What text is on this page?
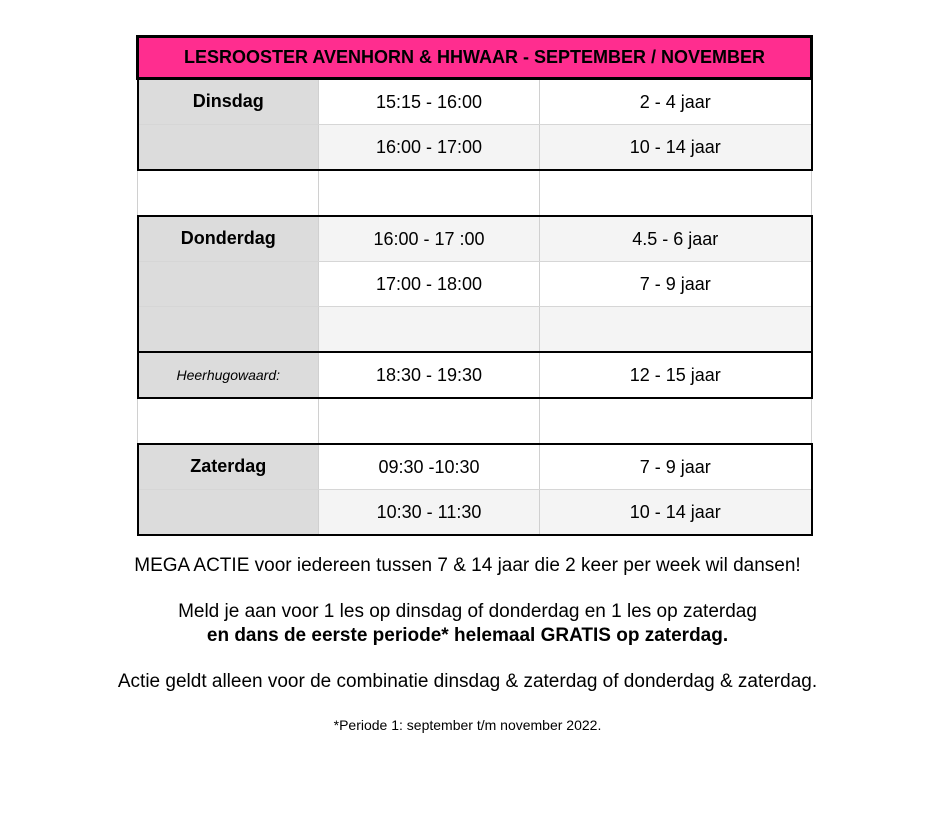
LESROOSTER AVENHORN & HHWAAR - SEPTEMBER / NOVEMBER		
Dinsdag	15:15 - 16:00	2 - 4 jaar
	16:00 - 17:00	10 - 14 jaar

Donderdag	16:00 - 17 :00	4.5 - 6 jaar
	17:00 - 18:00	7 - 9 jaar

Heerhugowaard:	18:30 - 19:30	12 - 15 jaar

Zaterdag	09:30 -10:30	7 - 9 jaar
	10:30 - 11:30	10 - 14 jaar

MEGA ACTIE voor iedereen tussen 7 & 14 jaar die 2 keer per week wil dansen!

Meld je aan voor 1 les op dinsdag of donderdag en 1 les op zaterdag

en dans de eerste periode* helemaal GRATIS op zaterdag.

Actie geldt alleen voor de combinatie dinsdag & zaterdag of donderdag & zaterdag.

*Periode 1: september t/m november 2022.
